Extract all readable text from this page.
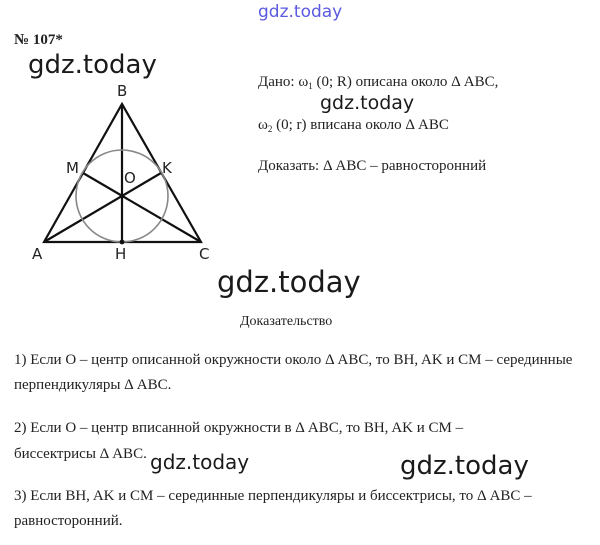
gdz.today
gdz.today
gdz.today
gdz.today
gdz.today	gdz.today
№ 107*
B
M	K
O
A	H	C
Дано: $\omega_1$ (0; R) описана около Δ ABC,
$\omega_2$ (0; r) вписана около Δ ABC
Доказать: Δ ABC – равносторонний
Доказательство
1) Если O – центр описанной окружности около Δ ABC, то BH, AK и CM – серединные перпендикуляры Δ ABC.
2) Если O – центр вписанной окружности в Δ ABC, то BH, AK и CM –
биссектрисы Δ ABC.
3) Если BH, AK и CM – серединные перпендикуляры и биссектрисы, то Δ ABC – равносторонний.
